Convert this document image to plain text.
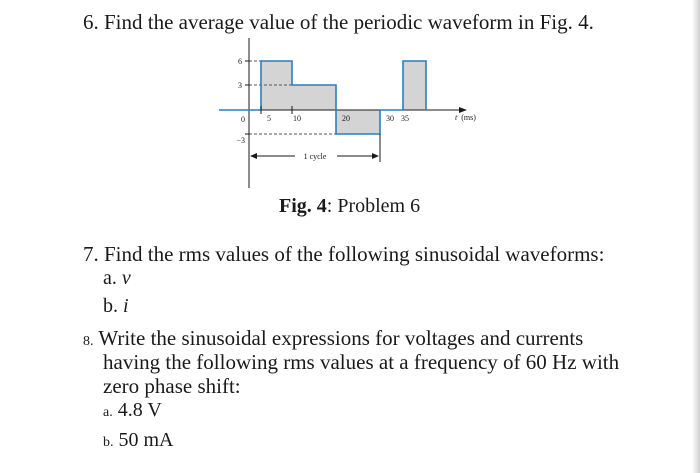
6. Find the average value of the periodic waveform in Fig. 4.
6
3
0
−3
5	10	20	30 35	t (ms)
1 cycle
Fig. 4: Problem 6
7. Find the rms values of the following sinusoidal waveforms:
a. v
b. i
8. Write the sinusoidal expressions for voltages and currents
having the following rms values at a frequency of 60 Hz with
zero phase shift:
a. 4.8 V
b. 50 mA
